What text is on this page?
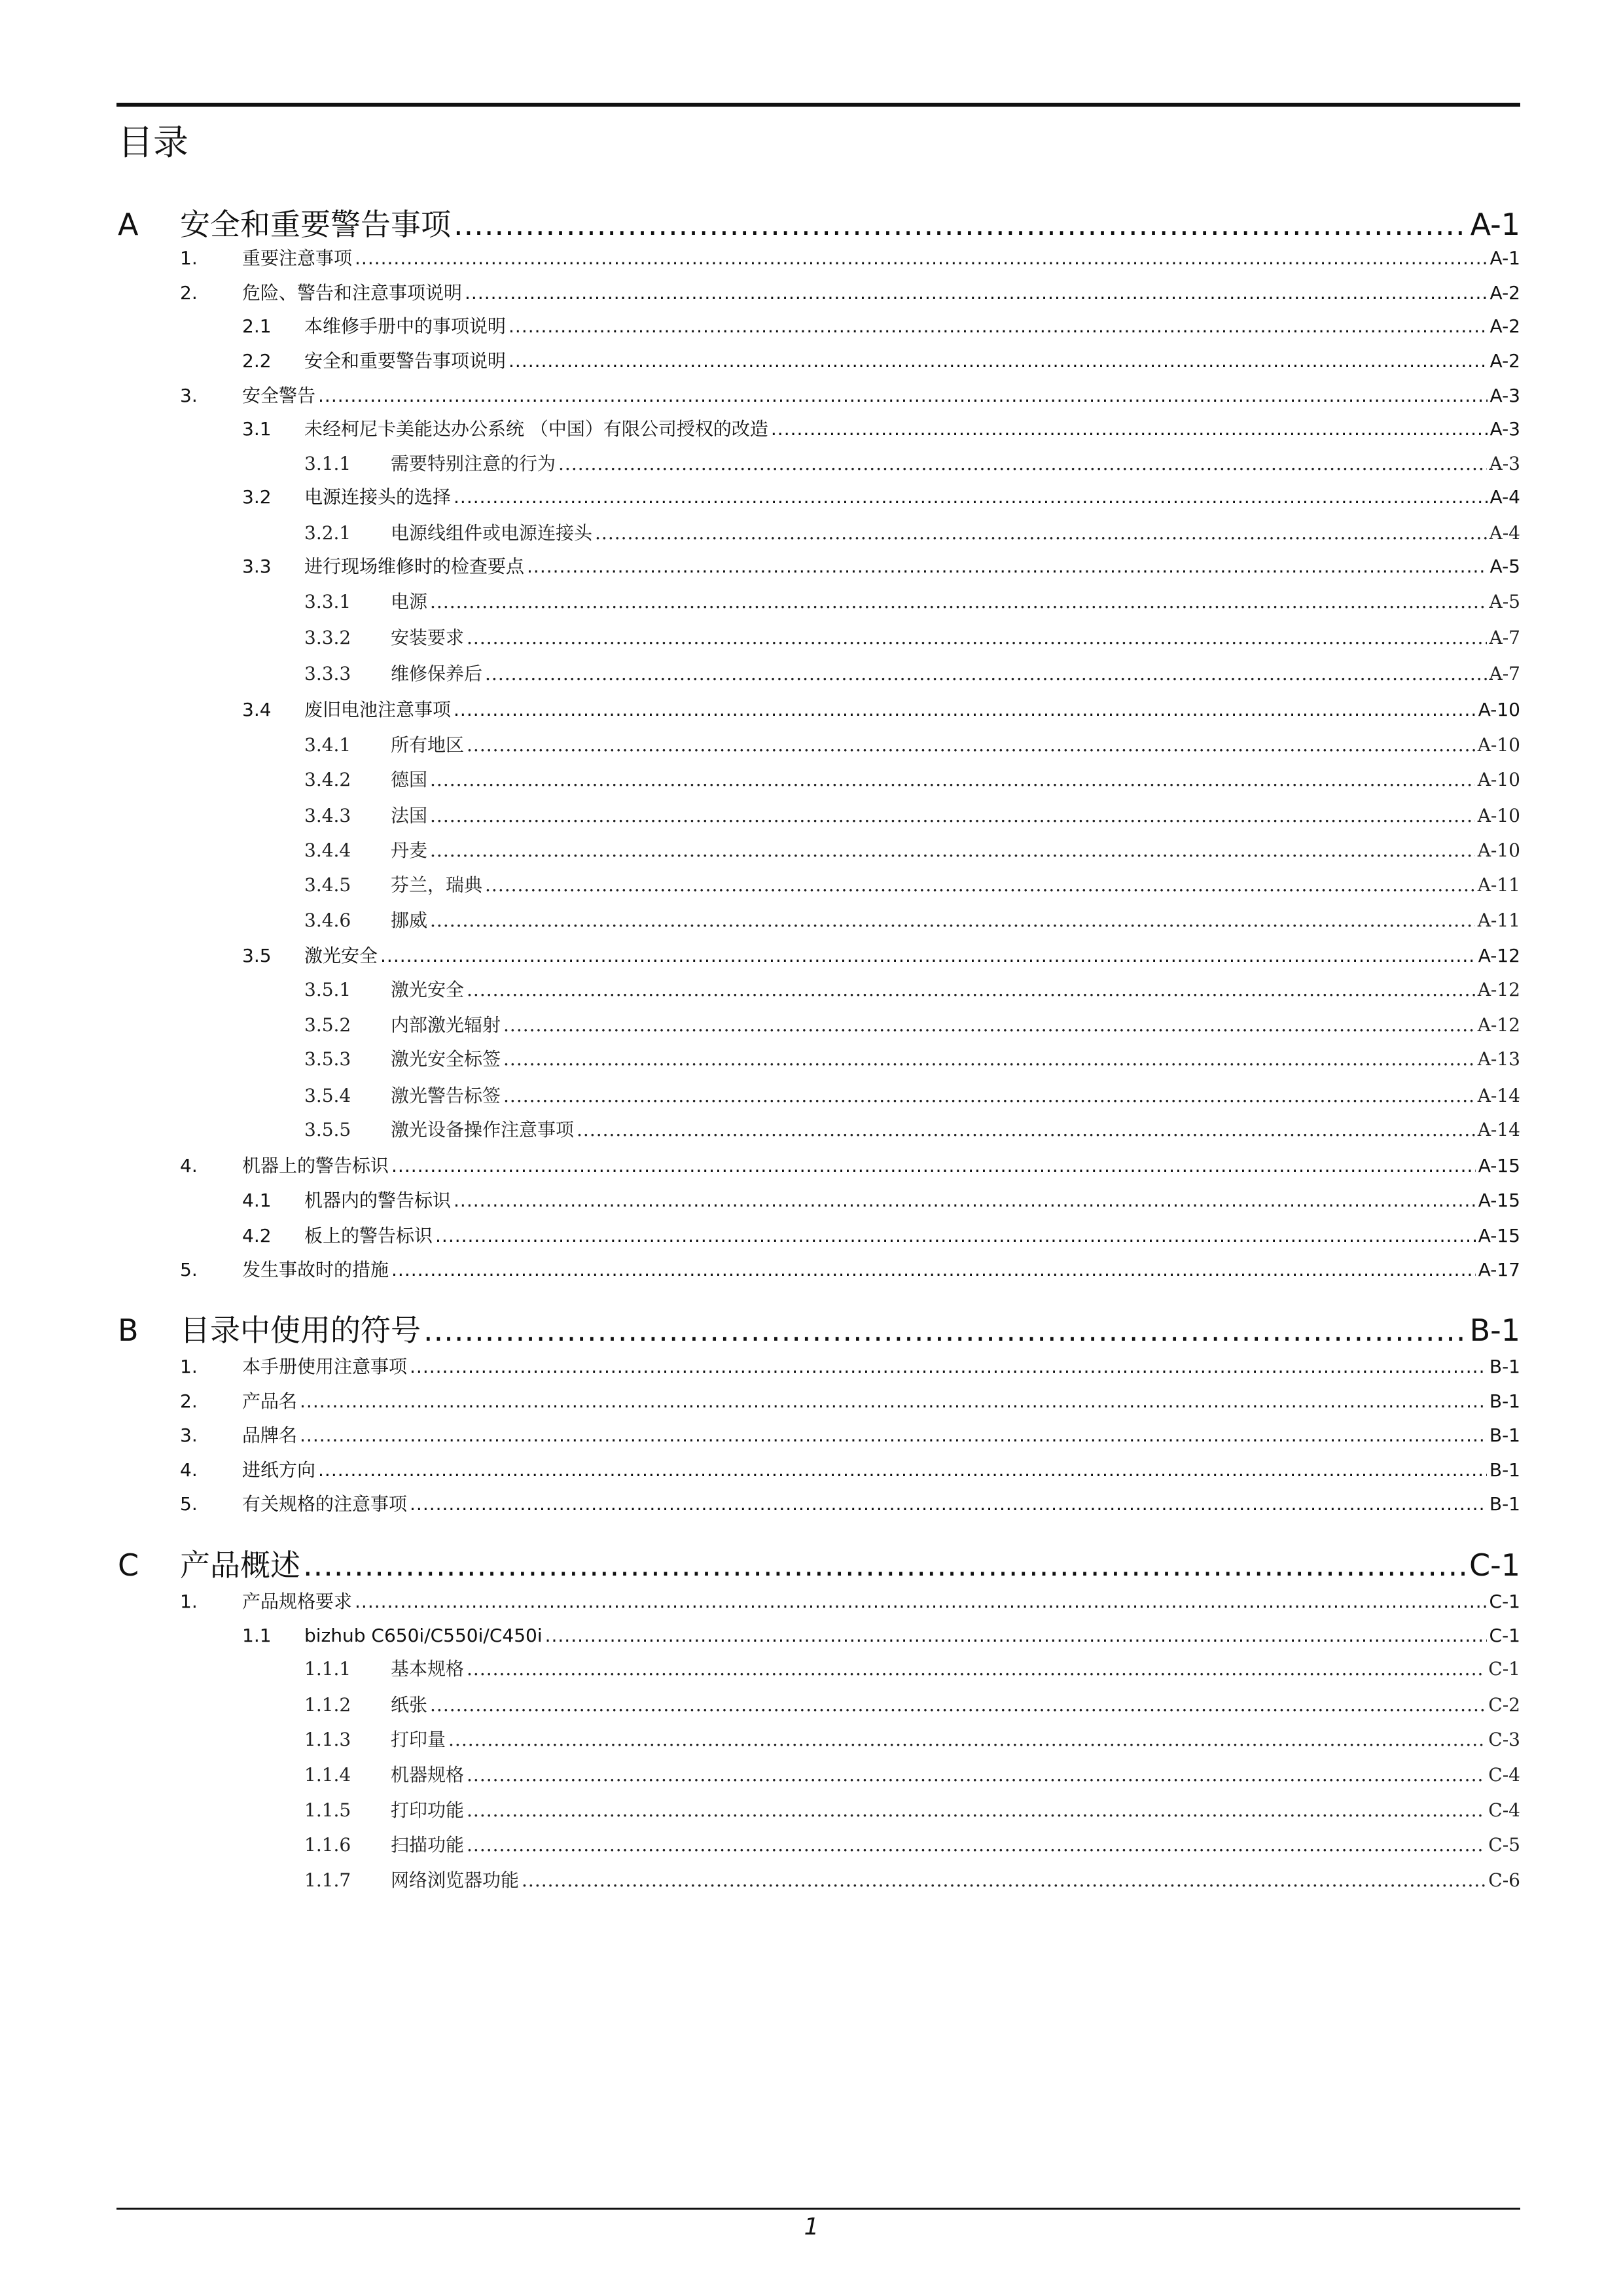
目录
A 安全和重要警告事项 .....	A-1
1. 重要注意事项 .....	A-1
2. 危险、警告和注意事项说明 .....	A-2
2.1 本维修手册中的事项说明 .....	A-2
2.2 安全和重要警告事项说明 .....	A-2
3. 安全警告 .....	A-3
3.1 未经柯尼卡美能达办公系统 （中国）有限公司授权的改造 .....	A-3
3.1.1 需要特别注意的行为 .....	A-3
3.2 电源连接头的选择 .....	A-4
3.2.1 电源线组件或电源连接头 .....	A-4
3.3 进行现场维修时的检查要点 .....	A-5
3.3.1 电源 .....	A-5
3.3.2 安装要求 .....	A-7
3.3.3 维修保养后 .....	A-7
3.4 废旧电池注意事项 .....	A-10
3.4.1 所有地区 .....	A-10
3.4.2 德国 .....	A-10
3.4.3 法国 .....	A-10
3.4.4 丹麦 .....	A-10
3.4.5 芬兰，瑞典 .....	A-11
3.4.6 挪威 .....	A-11
3.5 激光安全 .....	A-12
3.5.1 激光安全 .....	A-12
3.5.2 内部激光辐射 .....	A-12
3.5.3 激光安全标签 .....	A-13
3.5.4 激光警告标签 .....	A-14
3.5.5 激光设备操作注意事项 .....	A-14
4. 机器上的警告标识 .....	A-15
4.1 机器内的警告标识 .....	A-15
4.2 板上的警告标识 .....	A-15
5. 发生事故时的措施 .....	A-17
B 目录中使用的符号 .....	B-1
1. 本手册使用注意事项 .....	B-1
2. 产品名 .....	B-1
3. 品牌名 .....	B-1
4. 进纸方向 .....	B-1
5. 有关规格的注意事项 .....	B-1
C 产品概述 .....	C-1
1. 产品规格要求 .....	C-1
1.1 bizhub C650i/C550i/C450i .....	C-1
1.1.1 基本规格 .....	C-1
1.1.2 纸张 .....	C-2
1.1.3 打印量 .....	C-3
1.1.4 机器规格 .....	C-4
1.1.5 打印功能 .....	C-4
1.1.6 扫描功能 .....	C-5
1.1.7 网络浏览器功能 .....	C-6
1
